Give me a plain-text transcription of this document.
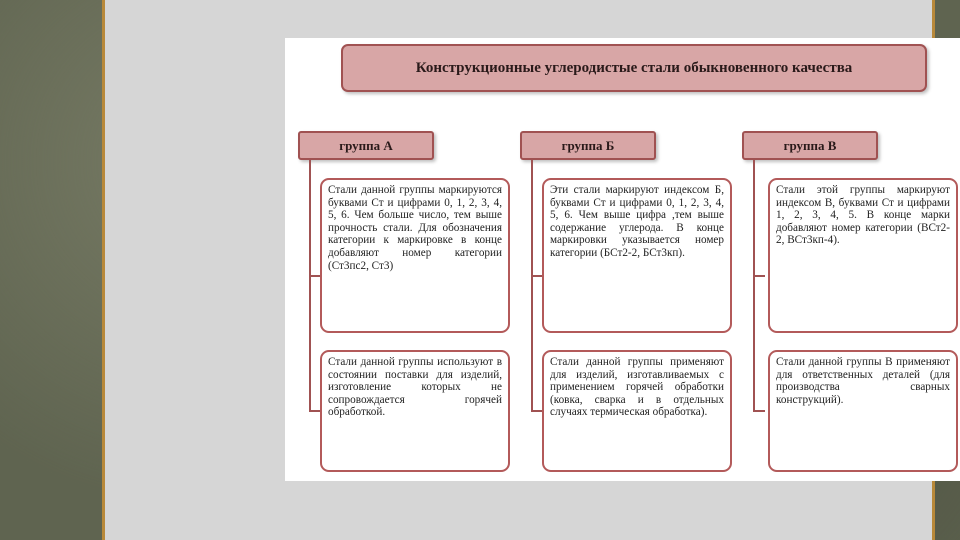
Конструкционные углеродистые стали обыкновенного качества
группа А
Стали данной группы маркируются буквами Ст и цифрами 0, 1, 2, 3, 4, 5, 6. Чем больше число, тем выше прочность стали. Для обозначения категории к маркировке в конце добавляют номер категории (Ст3пс2, Ст3)
Стали данной группы используют в состоянии поставки для изделий, изготовление которых не сопровождается горячей обработкой.
группа Б
Эти стали маркируют индексом Б, буквами Ст и цифрами 0, 1, 2, 3, 4, 5, 6. Чем выше цифра ,тем выше содержание углерода. В конце маркировки указывается номер категории (БСт2-2, БСт3кп).
Стали данной группы применяют для изделий, изготавливаемых с применением горячей обработки (ковка, сварка и в отдельных случаях термическая обработка).
группа В
Стали этой группы маркируют индексом В, буквами Ст и цифрами 1, 2, 3, 4, 5. В конце марки добавляют номер категории (ВСт2-2, ВСт3кп-4).
Стали данной группы В применяют для ответственных деталей (для производства сварных конструкций).
